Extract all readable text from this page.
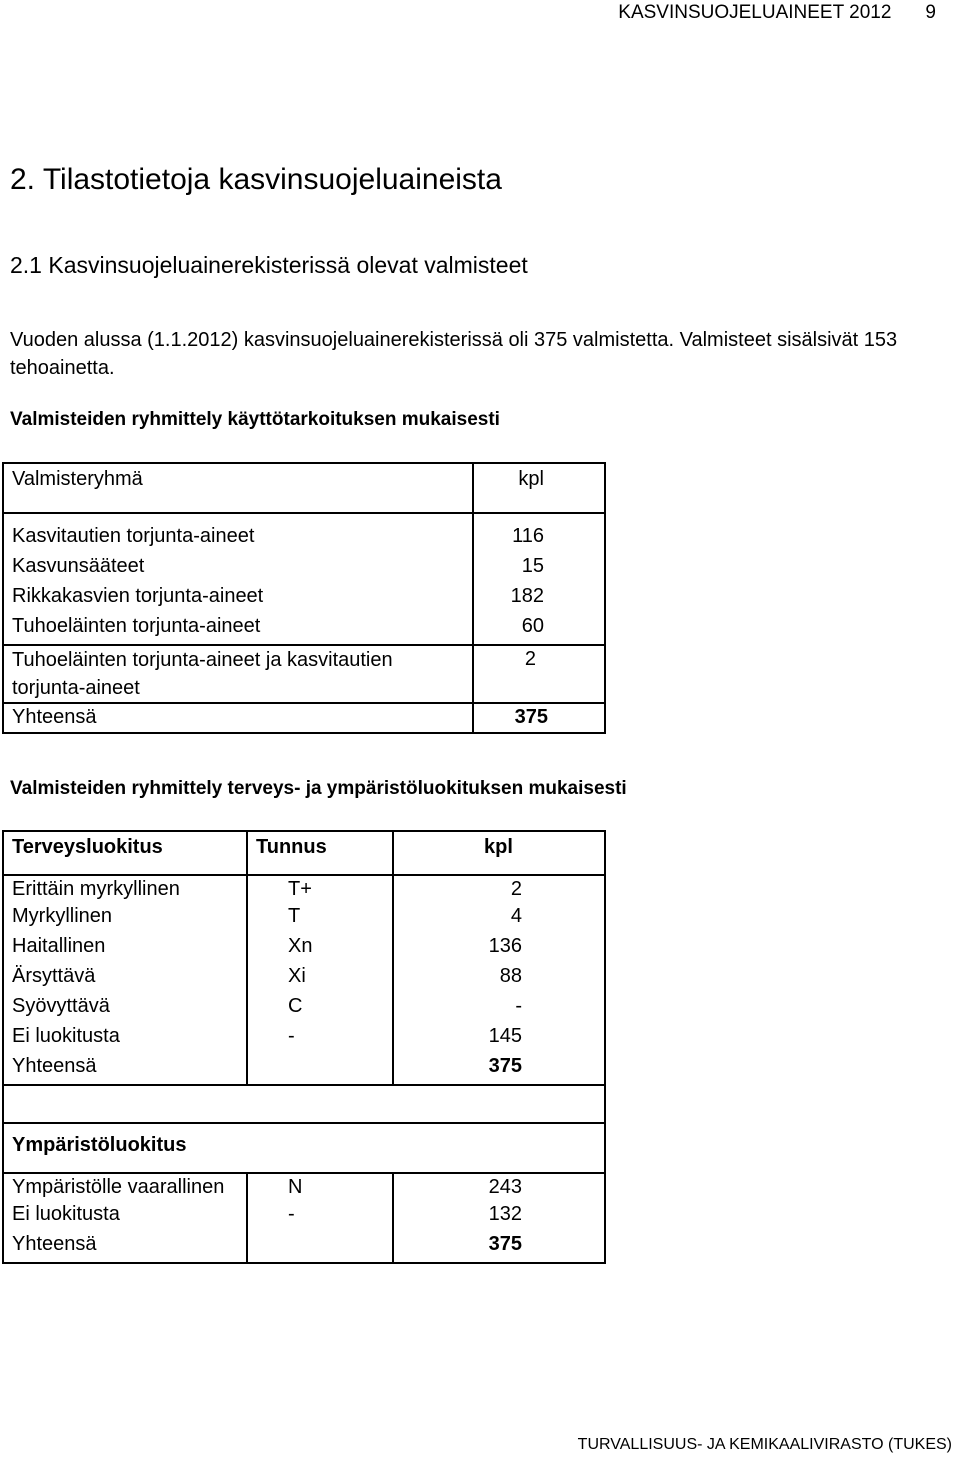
KASVINSUOJELUAINEET 2012 9
2. Tilastotietoja kasvinsuojeluaineista
2.1 Kasvinsuojeluainerekisterissä olevat valmisteet
Vuoden alussa (1.1.2012) kasvinsuojeluainerekisterissä oli 375 valmistetta. Valmisteet sisälsivät 153 tehoainetta.
Valmisteiden ryhmittely käyttötarkoituksen mukaisesti
Valmisteryhmä	kpl

Kasvitautien torjunta-aineet	116
Kasvunsääteet	15
Rikkakasvien torjunta-aineet	182
Tuhoeläinten torjunta-aineet	60
Tuhoeläinten torjunta-aineet ja kasvitautien torjunta-aineet	2
Yhteensä	375
Valmisteiden ryhmittely terveys- ja ympäristöluokituksen mukaisesti
Terveysluokitus	Tunnus	kpl
Erittäin myrkyllinen	T+	2
Myrkyllinen	T	4
Haitallinen	Xn	136
Ärsyttävä	Xi	88
Syövyttävä	C	-
Ei luokitusta	-	145
Yhteensä		375

Ympäristöluokitus		

Ympäristölle vaarallinen	N	243
Ei luokitusta	-	132
Yhteensä		375
TURVALLISUUS- JA KEMIKAALIVIRASTO (TUKES)
